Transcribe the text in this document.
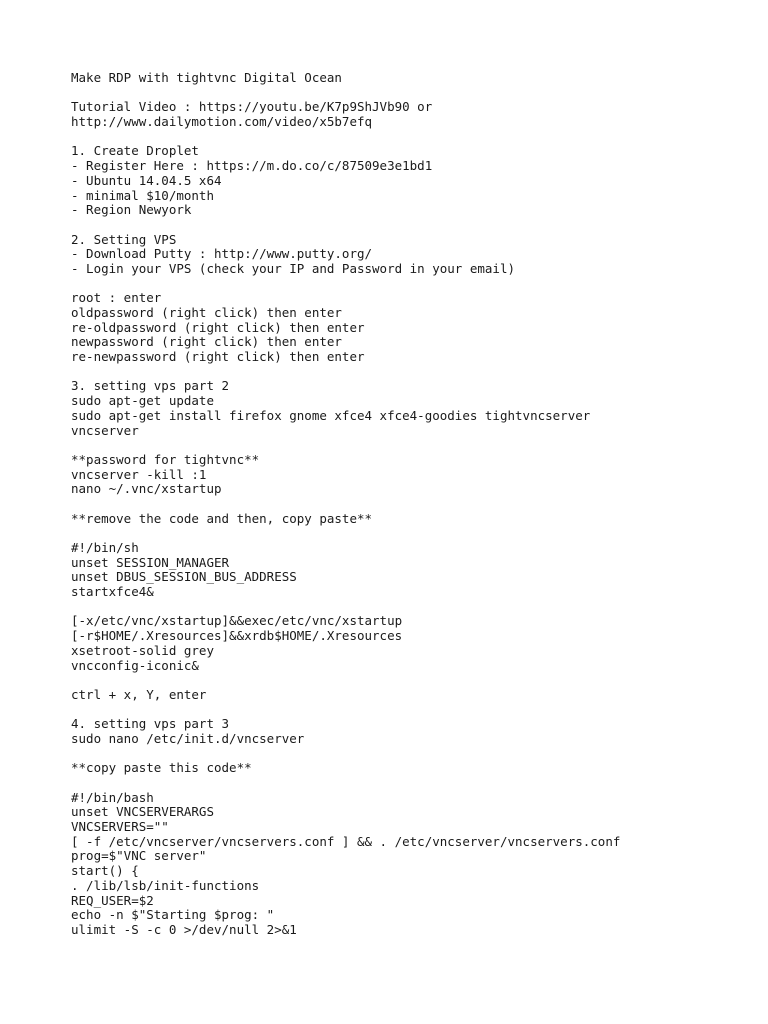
Make RDP with tightvnc Digital Ocean
Tutorial Video : https://youtu.be/K7p9ShJVb90 or
http://www.dailymotion.com/video/x5b7efq
1. Create Droplet
- Register Here : https://m.do.co/c/87509e3e1bd1
- Ubuntu 14.04.5 x64
- minimal $10/month
- Region Newyork
2. Setting VPS
- Download Putty : http://www.putty.org/
- Login your VPS (check your IP and Password in your email)
root : enter
oldpassword (right click) then enter
re-oldpassword (right click) then enter
newpassword (right click) then enter
re-newpassword (right click) then enter
3. setting vps part 2
sudo apt-get update
sudo apt-get install firefox gnome xfce4 xfce4-goodies tightvncserver
vncserver
**password for tightvnc**
vncserver -kill :1
nano ~/.vnc/xstartup
**remove the code and then, copy paste**
#!/bin/sh
unset SESSION_MANAGER
unset DBUS_SESSION_BUS_ADDRESS
startxfce4&
[-x/etc/vnc/xstartup]&&exec/etc/vnc/xstartup
[-r$HOME/.Xresources]&&xrdb$HOME/.Xresources
xsetroot-solid grey
vncconfig-iconic&
ctrl + x, Y, enter
4. setting vps part 3
sudo nano /etc/init.d/vncserver
**copy paste this code**
#!/bin/bash
unset VNCSERVERARGS
VNCSERVERS=""
[ -f /etc/vncserver/vncservers.conf ] && . /etc/vncserver/vncservers.conf
prog=$"VNC server"
start() {
. /lib/lsb/init-functions
REQ_USER=$2
echo -n $"Starting $prog: "
ulimit -S -c 0 >/dev/null 2>&1
